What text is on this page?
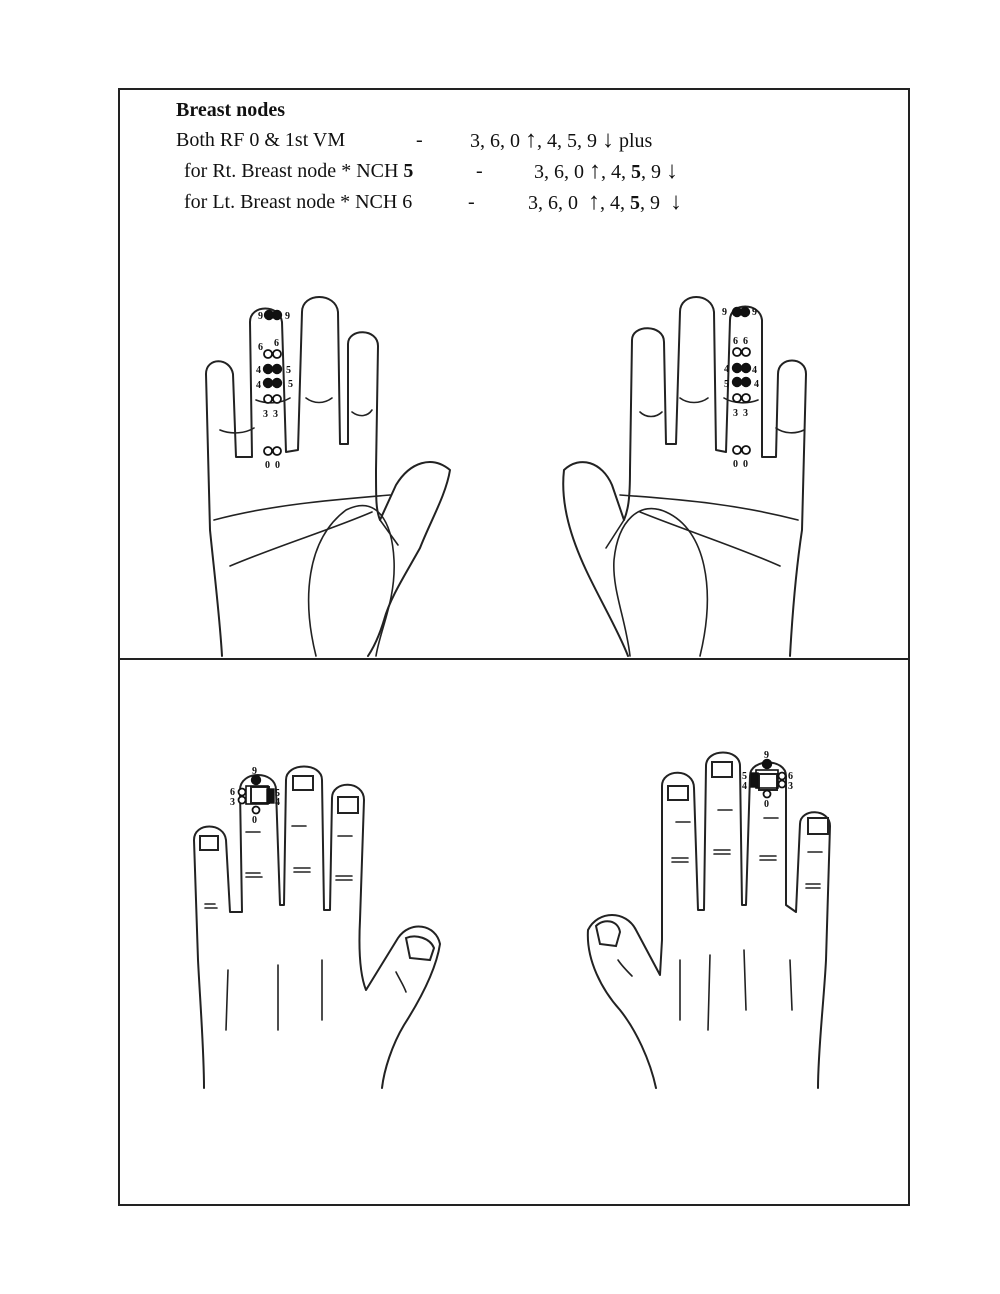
Breast nodes
Both RF 0 & 1st VM	- 3, 6, 0 ↑, 4, 5, 9 ↓ plus
for Rt. Breast node * NCH 5	-	3, 6, 0 ↑, 4, 5, 9 ↓
for Lt. Breast node * NCH 6	-	3, 6, 0  ↑, 4, 5, 9  ↓
9 9
6 6
4	5
4	5
3 3
0 0
9	9
6 6
4 4
5	4
3 3
0 0
9
6
3
5
4
0
9
5
4
6
3
0
